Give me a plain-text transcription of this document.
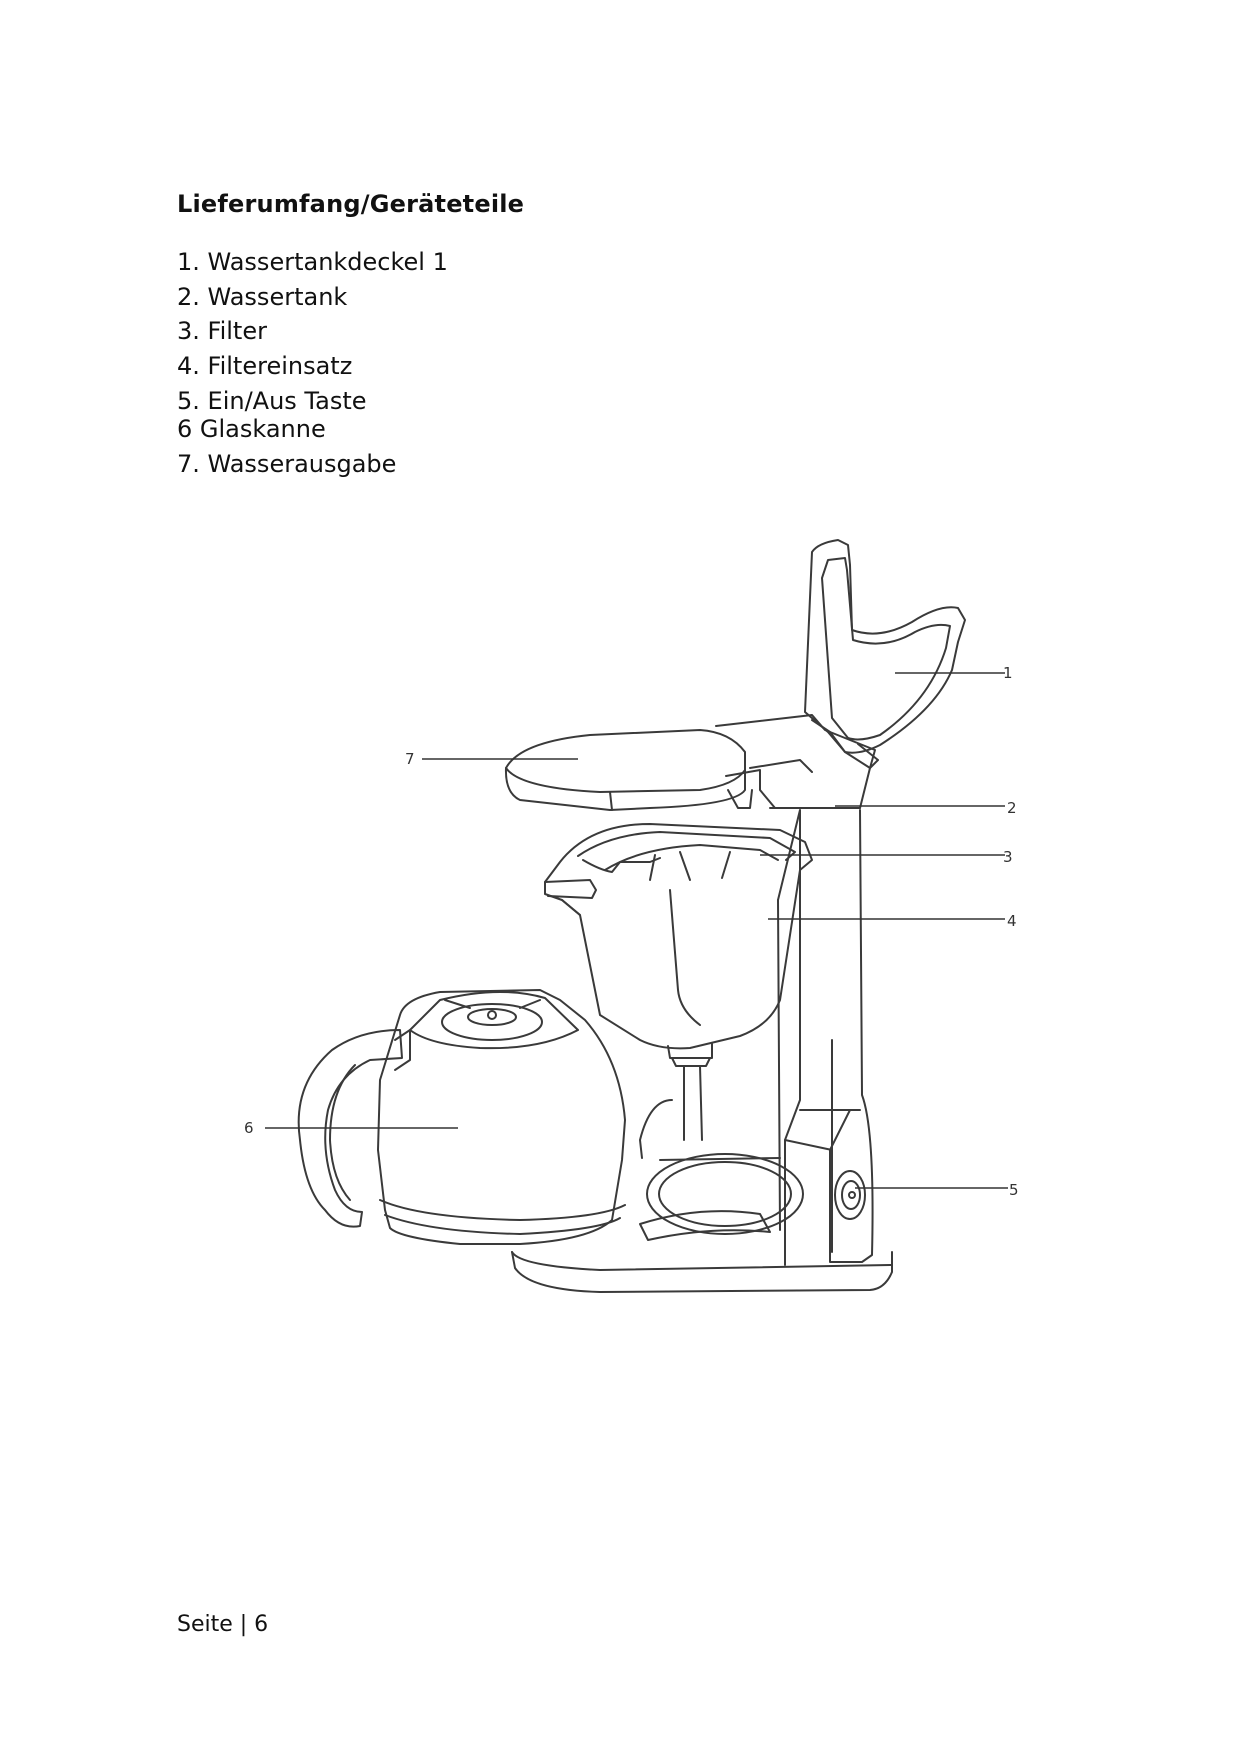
Lieferumfang/Geräteteile
1. Wassertankdeckel 1
2. Wassertank
3. Filter
4. Filtereinsatz
5. Ein/Aus Taste
6 Glaskanne
7. Wasserausgabe
1
2
3
4
5
6
7
Seite | 6
